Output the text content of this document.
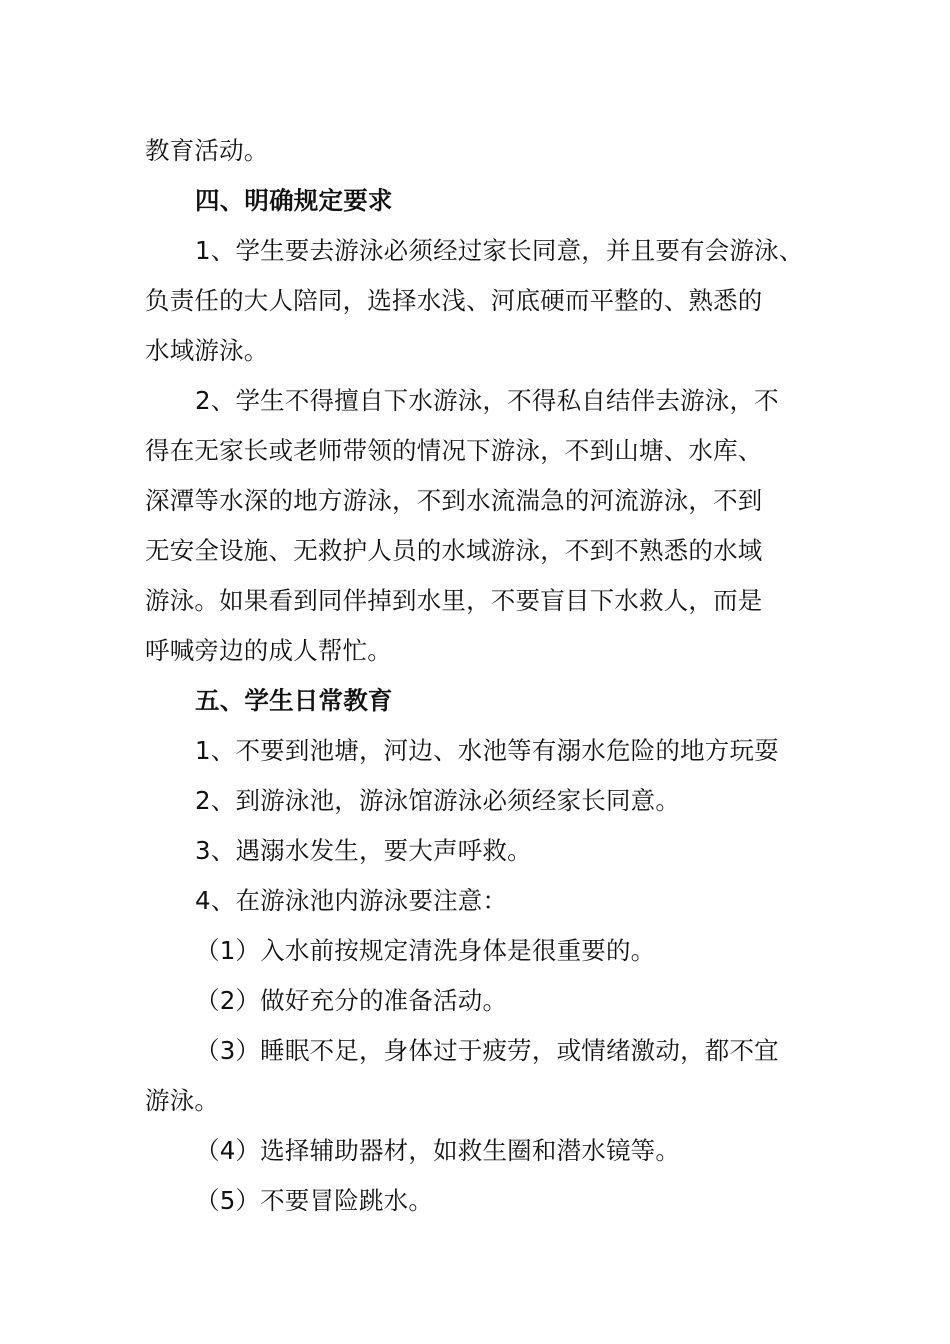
教育活动。
四、明确规定要求
1、学生要去游泳必须经过家长同意，并且要有会游泳、
负责任的大人陪同，选择水浅、河底硬而平整的、熟悉的
水域游泳。
2、学生不得擅自下水游泳，不得私自结伴去游泳，不
得在无家长或老师带领的情况下游泳，不到山塘、水库、
深潭等水深的地方游泳，不到水流湍急的河流游泳，不到
无安全设施、无救护人员的水域游泳，不到不熟悉的水域
游泳。如果看到同伴掉到水里，不要盲目下水救人，而是
呼喊旁边的成人帮忙。
五、学生日常教育
1、不要到池塘，河边、水池等有溺水危险的地方玩耍
2、到游泳池，游泳馆游泳必须经家长同意。
3、遇溺水发生，要大声呼救。
4、在游泳池内游泳要注意：
（1）入水前按规定清洗身体是很重要的。
（2）做好充分的准备活动。
（3）睡眠不足，身体过于疲劳，或情绪激动，都不宜
游泳。
（4）选择辅助器材，如救生圈和潜水镜等。
（5）不要冒险跳水。
